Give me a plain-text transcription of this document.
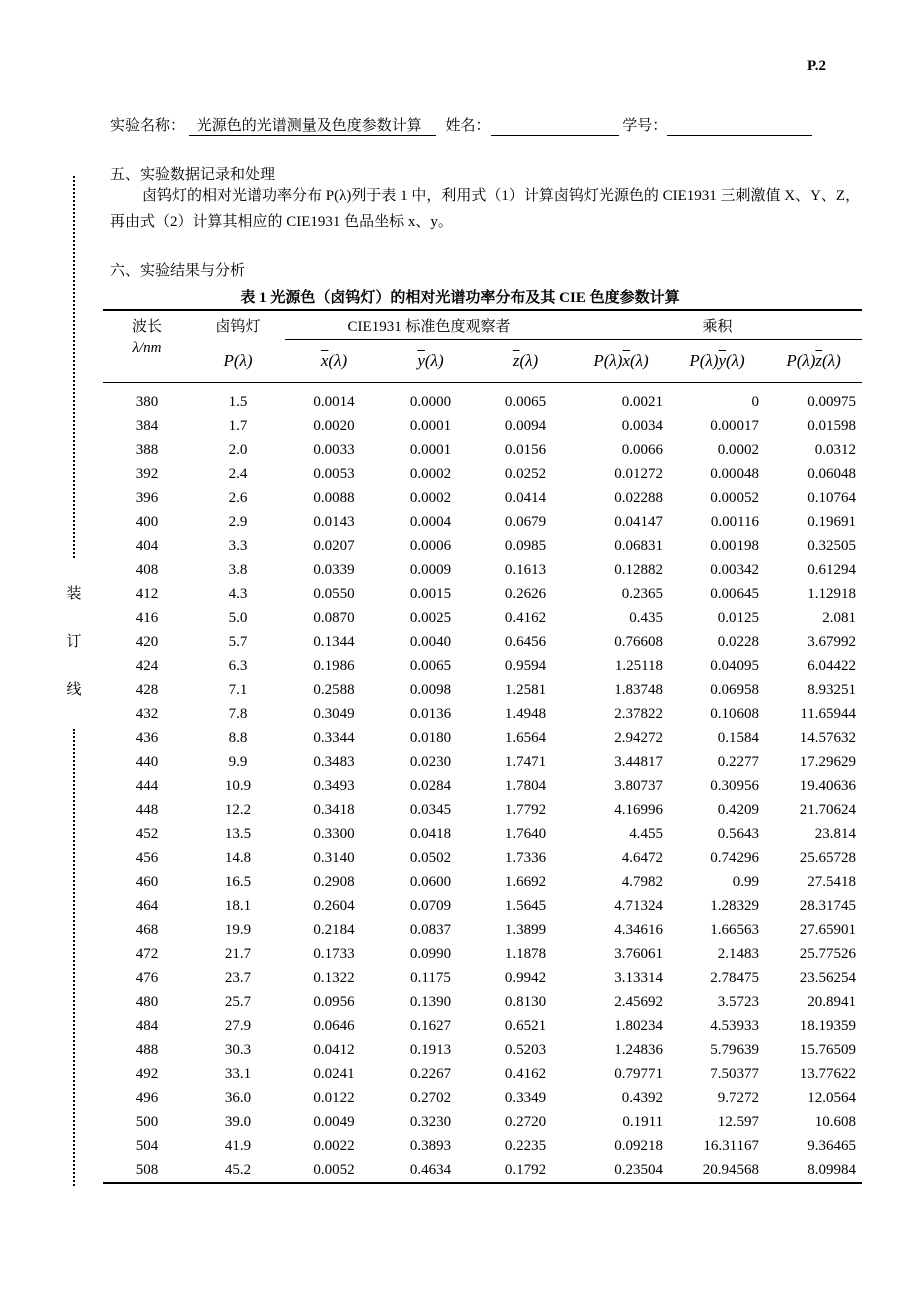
P.2
实验名称： 光源色的光谱测量及色度参数计算 姓名：	学号：
装
订
线
五、实验数据记录和处理
卤钨灯的相对光谱功率分布 P(λ)列于表 1 中，利用式（1）计算卤钨灯光源色的 CIE1931 三刺激值 X、Y、Z，再由式（2）计算其相应的 CIE1931 色品坐标 x、y。
六、实验结果与分析
表 1 光源色（卤钨灯）的相对光谱功率分布及其 CIE 色度参数计算
波长	卤钨灯	CIE1931 标准色度观察者			乘积		
λ/nm	P(λ)	$\overline{x}(\lambda)$	$\overline{y}(\lambda)$	$\overline{z}(\lambda)$	$P(\lambda)\overline{x}(\lambda)$	$P(\lambda)\overline{y}(\lambda)$	$P(\lambda)\overline{z}(\lambda)$
380	1.5	0.0014	0.0000	0.0065	0.0021	0	0.00975
384	1.7	0.0020	0.0001	0.0094	0.0034	0.00017	0.01598
388	2.0	0.0033	0.0001	0.0156	0.0066	0.0002	0.0312
392	2.4	0.0053	0.0002	0.0252	0.01272	0.00048	0.06048
396	2.6	0.0088	0.0002	0.0414	0.02288	0.00052	0.10764
400	2.9	0.0143	0.0004	0.0679	0.04147	0.00116	0.19691
404	3.3	0.0207	0.0006	0.0985	0.06831	0.00198	0.32505
408	3.8	0.0339	0.0009	0.1613	0.12882	0.00342	0.61294
412	4.3	0.0550	0.0015	0.2626	0.2365	0.00645	1.12918
416	5.0	0.0870	0.0025	0.4162	0.435	0.0125	2.081
420	5.7	0.1344	0.0040	0.6456	0.76608	0.0228	3.67992
424	6.3	0.1986	0.0065	0.9594	1.25118	0.04095	6.04422
428	7.1	0.2588	0.0098	1.2581	1.83748	0.06958	8.93251
432	7.8	0.3049	0.0136	1.4948	2.37822	0.10608	11.65944
436	8.8	0.3344	0.0180	1.6564	2.94272	0.1584	14.57632
440	9.9	0.3483	0.0230	1.7471	3.44817	0.2277	17.29629
444	10.9	0.3493	0.0284	1.7804	3.80737	0.30956	19.40636
448	12.2	0.3418	0.0345	1.7792	4.16996	0.4209	21.70624
452	13.5	0.3300	0.0418	1.7640	4.455	0.5643	23.814
456	14.8	0.3140	0.0502	1.7336	4.6472	0.74296	25.65728
460	16.5	0.2908	0.0600	1.6692	4.7982	0.99	27.5418
464	18.1	0.2604	0.0709	1.5645	4.71324	1.28329	28.31745
468	19.9	0.2184	0.0837	1.3899	4.34616	1.66563	27.65901
472	21.7	0.1733	0.0990	1.1878	3.76061	2.1483	25.77526
476	23.7	0.1322	0.1175	0.9942	3.13314	2.78475	23.56254
480	25.7	0.0956	0.1390	0.8130	2.45692	3.5723	20.8941
484	27.9	0.0646	0.1627	0.6521	1.80234	4.53933	18.19359
488	30.3	0.0412	0.1913	0.5203	1.24836	5.79639	15.76509
492	33.1	0.0241	0.2267	0.4162	0.79771	7.50377	13.77622
496	36.0	0.0122	0.2702	0.3349	0.4392	9.7272	12.0564
500	39.0	0.0049	0.3230	0.2720	0.1911	12.597	10.608
504	41.9	0.0022	0.3893	0.2235	0.09218	16.31167	9.36465
508	45.2	0.0052	0.4634	0.1792	0.23504	20.94568	8.09984
